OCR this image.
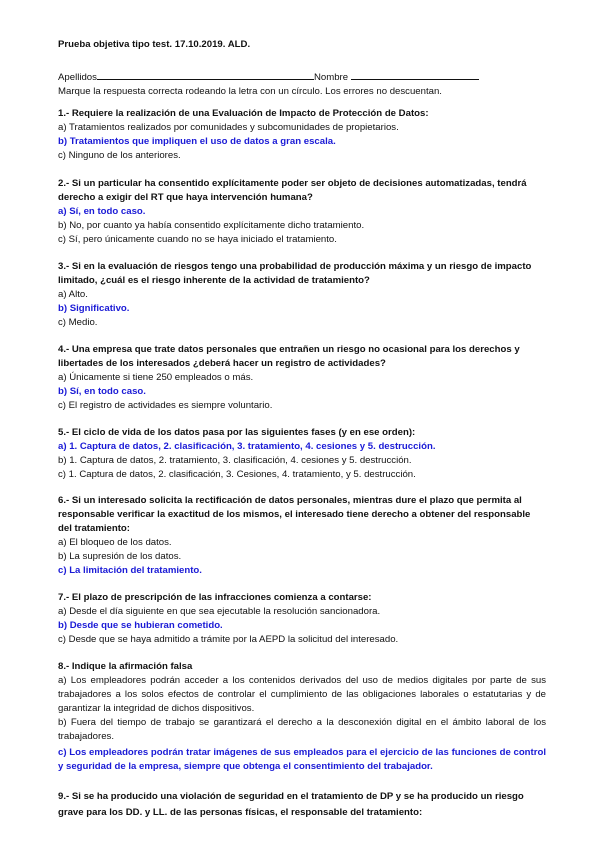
Prueba objetiva tipo test. 17.10.2019. ALD.
Apellidos	Nombre
Marque la respuesta correcta rodeando la letra con un círculo. Los errores no descuentan.
1.- Requiere la realización de una Evaluación de Impacto de Protección de Datos:
a) Tratamientos realizados por comunidades y subcomunidades de propietarios.
b) Tratamientos que impliquen el uso de datos a gran escala.
c) Ninguno de los anteriores.
2.- Si un particular ha consentido explícitamente poder ser objeto de decisiones automatizadas, tendrá derecho a exigir del RT que haya intervención humana?
a) Sí, en todo caso.
b) No, por cuanto ya había consentido explícitamente dicho tratamiento.
c) Sí, pero únicamente cuando no se haya iniciado el tratamiento.
3.- Si en la evaluación de riesgos tengo una probabilidad de producción máxima y un riesgo de impacto limitado, ¿cuál es el riesgo inherente de la actividad de tratamiento?
a) Alto.
b) Significativo.
c) Medio.
4.- Una empresa que trate datos personales que entrañen un riesgo no ocasional para los derechos y libertades de los interesados ¿deberá hacer un registro de actividades?
a) Únicamente si tiene 250 empleados o más.
b) Sí, en todo caso.
c) El registro de actividades es siempre voluntario.
5.- El ciclo de vida de los datos pasa por las siguientes fases (y en ese orden):
a) 1. Captura de datos, 2. clasificación, 3. tratamiento, 4. cesiones y 5. destrucción.
b) 1. Captura de datos, 2. tratamiento, 3. clasificación, 4. cesiones y 5. destrucción.
c) 1. Captura de datos, 2. clasificación, 3. Cesiones, 4. tratamiento, y 5. destrucción.
6.- Si un interesado solicita la rectificación de datos personales, mientras dure el plazo que permita al responsable verificar la exactitud de los mismos, el interesado tiene derecho a obtener del responsable del tratamiento:
a) El bloqueo de los datos.
b) La supresión de los datos.
c) La limitación del tratamiento.
7.- El plazo de prescripción de las infracciones comienza a contarse:
a) Desde el día siguiente en que sea ejecutable la resolución sancionadora.
b) Desde que se hubieran cometido.
c) Desde que se haya admitido a trámite por la AEPD la solicitud del interesado.
8.- Indique la afirmación falsa
a) Los empleadores podrán acceder a los contenidos derivados del uso de medios digitales por parte de sus trabajadores a los solos efectos de controlar el cumplimiento de las obligaciones laborales o estatutarias y de garantizar la integridad de dichos dispositivos.
b) Fuera del tiempo de trabajo se garantizará el derecho a la desconexión digital en el ámbito laboral de los trabajadores.
c) Los empleadores podrán tratar imágenes de sus empleados para el ejercicio de las funciones de control y seguridad de la empresa, siempre que obtenga el consentimiento del trabajador.
9.- Si se ha producido una violación de seguridad en el tratamiento de DP y se ha producido un riesgo grave para los DD. y LL. de las personas físicas, el responsable del tratamiento:
